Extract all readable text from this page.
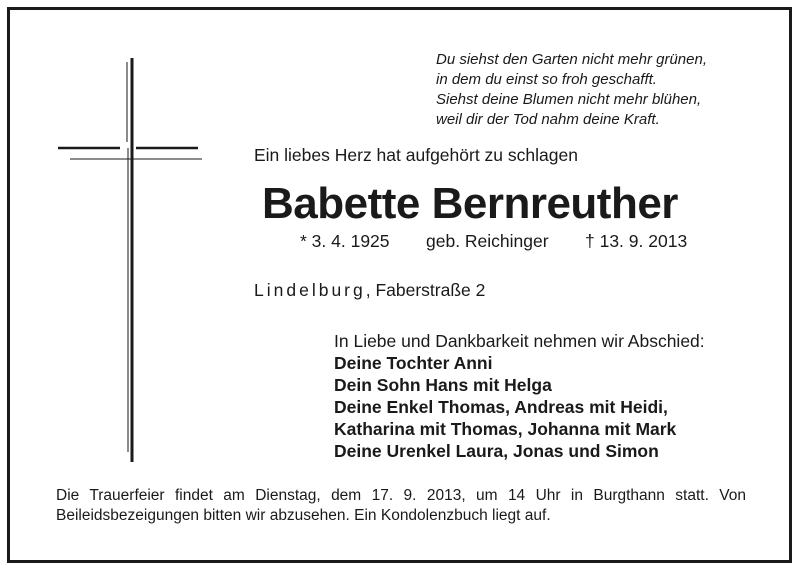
Du siehst den Garten nicht mehr grünen,
in dem du einst so froh geschafft.
Siehst deine Blumen nicht mehr blühen,
weil dir der Tod nahm deine Kraft.
Ein liebes Herz hat aufgehört zu schlagen
Babette Bernreuther
* 3. 4. 1925 geb. Reichinger † 13. 9. 2013
Lindelburg, Faberstraße 2
In Liebe und Dankbarkeit nehmen wir Abschied:
Deine Tochter Anni
Dein Sohn Hans mit Helga
Deine Enkel Thomas, Andreas mit Heidi,
Katharina mit Thomas, Johanna mit Mark
Deine Urenkel Laura, Jonas und Simon
Die Trauerfeier findet am Dienstag, dem 17. 9. 2013, um 14 Uhr in Burgthann statt. Von Beileidsbezeigungen bitten wir abzusehen. Ein Kondolenzbuch liegt auf.
